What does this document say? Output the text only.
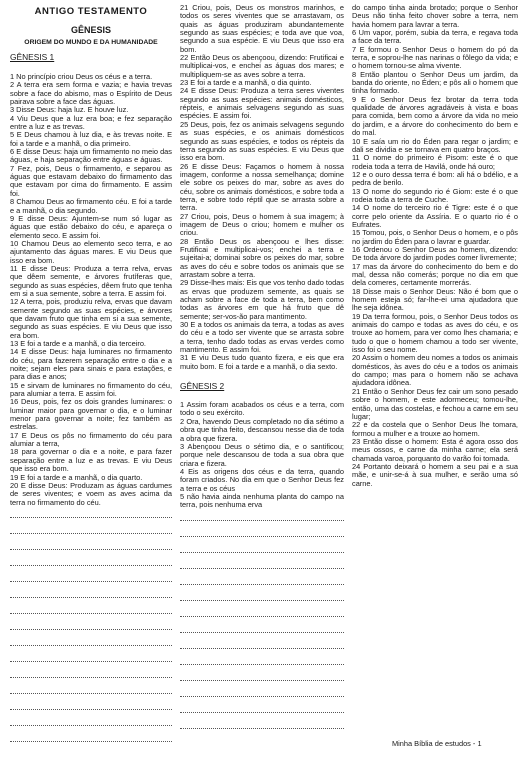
ANTIGO TESTAMENTO
GÊNESIS
ORIGEM DO MUNDO E DA HUMANIDADE
GÊNESIS 1

1 No princípio criou Deus os céus e a terra.

2 A terra era sem forma e vazia; e havia trevas sobre a face do abismo, mas o Espírito de Deus pairava sobre a face das águas.

3 Disse Deus: haja luz. E houve luz.

4 Viu Deus que a luz era boa; e fez separação entre a luz e as trevas.

5 E Deus chamou à luz dia, e às trevas noite. E foi a tarde e a manhã, o dia primeiro.

6 E disse Deus: haja um firmamento no meio das águas, e haja separação entre águas e águas.

7 Fez, pois, Deus o firmamento, e separou as águas que estavam debaixo do firmamento das que estavam por cima do firmamento. E assim foi.

8 Chamou Deus ao firmamento céu. E foi a tarde e a manhã, o dia segundo.

9 E disse Deus: Ajuntem-se num só lugar as águas que estão debaixo do céu, e apareça o elemento seco. E assim foi.

10 Chamou Deus ao elemento seco terra, e ao ajuntamento das águas mares. E viu Deus que isso era bom.

11 E disse Deus: Produza a terra relva, ervas que dêem semente, e árvores frutíferas que, segundo as suas espécies, dêem fruto que tenha em si a sua semente, sobre a terra. E assim foi.

12 A terra, pois, produziu relva, ervas que davam semente segundo as suas espécies, e árvores que davam fruto que tinha em si a sua semente, segundo as suas espécies. E viu Deus que isso era bom.

13 E foi a tarde e a manhã, o dia terceiro.

14 E disse Deus: haja luminares no firmamento do céu, para fazerem separação entre o dia e a noite; sejam eles para sinais e para estações, e para dias e anos;

15 e sirvam de luminares no firmamento do céu, para alumiar a terra. E assim foi.

16 Deus, pois, fez os dois grandes luminares: o luminar maior para governar o dia, e o luminar menor para governar a noite; fez também as estrelas.

17 E Deus os pôs no firmamento do céu para alumiar a terra,

18 para governar o dia e a noite, e para fazer separação entre a luz e as trevas. E viu Deus que isso era bom.

19 E foi a tarde e a manhã, o dia quarto.

20 E disse Deus: Produzam as águas cardumes de seres viventes; e voem as aves acima da terra no firmamento do céu.

21 Criou, pois, Deus os monstros marinhos, e todos os seres viventes que se arrastavam, os quais as águas produziram abundantemente segundo as suas espécies; e toda ave que voa, segundo a sua espécie. E viu Deus que isso era bom.

22 Então Deus os abençoou, dizendo: Frutificai e multiplicai-vos, e enchei as águas dos mares; e multipliquem-se as aves sobre a terra.

23 E foi a tarde e a manhã, o dia quinto.

24 E disse Deus: Produza a terra seres viventes segundo as suas espécies: animais domésticos, répteis, e animais selvagens segundo as suas espécies. E assim foi.

25 Deus, pois, fez os animais selvagens segundo as suas espécies, e os animais domésticos segundo as suas espécies, e todos os répteis da terra segundo as suas espécies. E viu Deus que isso era bom.

26 E disse Deus: Façamos o homem à nossa imagem, conforme a nossa semelhança; domine ele sobre os peixes do mar, sobre as aves do céu, sobre os animais domésticos, e sobre toda a terra, e sobre todo réptil que se arrasta sobre a terra.

27 Criou, pois, Deus o homem à sua imagem; à imagem de Deus o criou; homem e mulher os criou.

28 Então Deus os abençoou e lhes disse: Frutificai e multiplicai-vos; enchei a terra e sujeitai-a; dominai sobre os peixes do mar, sobre as aves do céu e sobre todos os animais que se arrastam sobre a terra.

29 Disse-lhes mais: Eis que vos tenho dado todas as ervas que produzem semente, as quais se acham sobre a face de toda a terra, bem como todas as árvores em que há fruto que dê semente; ser-vos-ão para mantimento.

30 E a todos os animais da terra, a todas as aves do céu e a todo ser vivente que se arrasta sobre a terra, tenho dado todas as ervas verdes como mantimento. E assim foi.

31 E viu Deus tudo quanto fizera, e eis que era muito bom. E foi a tarde e a manhã, o dia sexto.

GÊNESIS 2

1 Assim foram acabados os céus e a terra, com todo o seu exército.

2 Ora, havendo Deus completado no dia sétimo a obra que tinha feito, descansou nesse dia de toda a obra que fizera.

3 Abençoou Deus o sétimo dia, e o santificou; porque nele descansou de toda a sua obra que criara e fizera.

4 Eis as origens dos céus e da terra, quando foram criados. No dia em que o Senhor Deus fez a terra e os céus

5 não havia ainda nenhuma planta do campo na terra, pois nenhuma erva

do campo tinha ainda brotado; porque o Senhor Deus não tinha feito chover sobre a terra, nem havia homem para lavrar a terra.

6 Um vapor, porém, subia da terra, e regava toda a face da terra.

7 E formou o Senhor Deus o homem do pó da terra, e soprou-lhe nas narinas o fôlego da vida; e o homem tornou-se alma vivente.

8 Então plantou o Senhor Deus um jardim, da banda do oriente, no Éden; e pôs ali o homem que tinha formado.

9 E o Senhor Deus fez brotar da terra toda qualidade de árvores agradáveis à vista e boas para comida, bem como a árvore da vida no meio do jardim, e a árvore do conhecimento do bem e do mal.

10 E saía um rio do Éden para regar o jardim; e dali se dividia e se tornava em quatro braços.

11 O nome do primeiro é Pisom: este é o que rodeia toda a terra de Havilá, onde há ouro;

12 e o ouro dessa terra é bom: ali há o bdélio, e a pedra de berilo.

13 O nome do segundo rio é Giom: este é o que rodeia toda a terra de Cuche.

14 O nome do terceiro rio é Tigre: este é o que corre pelo oriente da Assíria. E o quarto rio é o Eufrates.

15 Tomou, pois, o Senhor Deus o homem, e o pôs no jardim do Éden para o lavrar e guardar.

16 Ordenou o Senhor Deus ao homem, dizendo: De toda árvore do jardim podes comer livremente;

17 mas da árvore do conhecimento do bem e do mal, dessa não comerás; porque no dia em que dela comeres, certamente morrerás.

18 Disse mais o Senhor Deus: Não é bom que o homem esteja só; far-lhe-ei uma ajudadora que lhe seja idônea.

19 Da terra formou, pois, o Senhor Deus todos os animais do campo e todas as aves do céu, e os trouxe ao homem, para ver como lhes chamaria; e tudo o que o homem chamou a todo ser vivente, isso foi o seu nome.

20 Assim o homem deu nomes a todos os animais domésticos, às aves do céu e a todos os animais do campo; mas para o homem não se achava ajudadora idônea.

21 Então o Senhor Deus fez cair um sono pesado sobre o homem, e este adormeceu; tomou-lhe, então, uma das costelas, e fechou a carne em seu lugar;

22 e da costela que o Senhor Deus lhe tomara, formou a mulher e a trouxe ao homem.

23 Então disse o homem: Esta é agora osso dos meus ossos, e carne da minha carne; ela será chamada varoa, porquanto do varão foi tomada.

24 Portanto deixará o homem a seu pai e a sua mãe, e unir-se-á à sua mulher, e serão uma só carne.

Minha Bíblia de estudos - 1
